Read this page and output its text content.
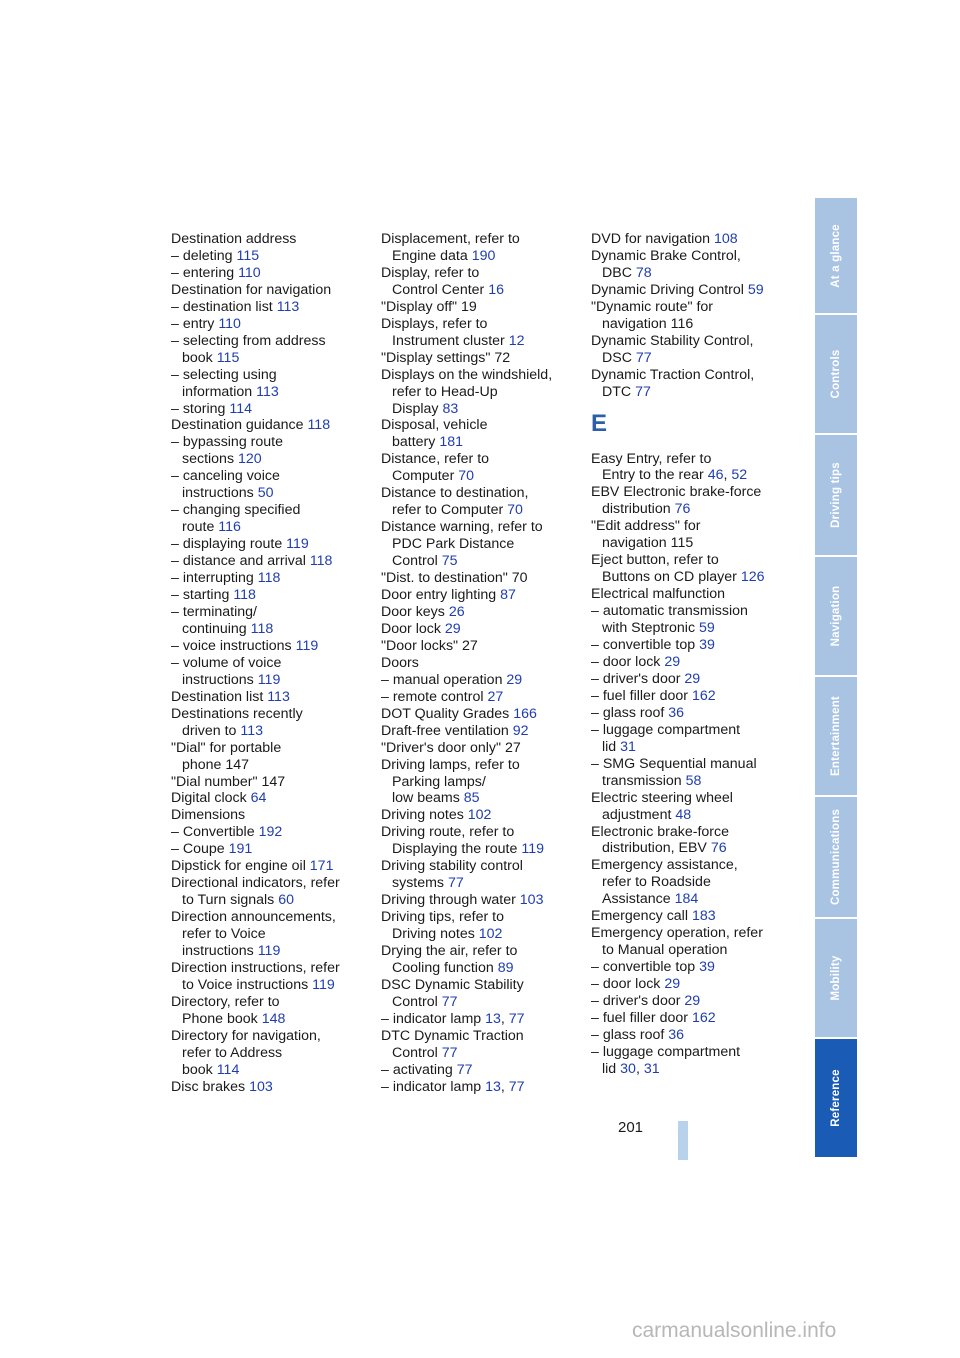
Destination address
– deleting 115
– entering 110
Destination for navigation
– destination list 113
– entry 110
– selecting from address
book 115
– selecting using
information 113
– storing 114
Destination guidance 118
– bypassing route
sections 120
– canceling voice
instructions 50
– changing specified
route 116
– displaying route 119
– distance and arrival 118
– interrupting 118
– starting 118
– terminating/
continuing 118
– voice instructions 119
– volume of voice
instructions 119
Destination list 113
Destinations recently
driven to 113
"Dial" for portable
phone 147
"Dial number" 147
Digital clock 64
Dimensions
– Convertible 192
– Coupe 191
Dipstick for engine oil 171
Directional indicators, refer
to Turn signals 60
Direction announcements,
refer to Voice
instructions 119
Direction instructions, refer
to Voice instructions 119
Directory, refer to
Phone book 148
Directory for navigation,
refer to Address
book 114
Disc brakes 103
Displacement, refer to
Engine data 190
Display, refer to
Control Center 16
"Display off" 19
Displays, refer to
Instrument cluster 12
"Display settings" 72
Displays on the windshield,
refer to Head-Up
Display 83
Disposal, vehicle
battery 181
Distance, refer to
Computer 70
Distance to destination,
refer to Computer 70
Distance warning, refer to
PDC Park Distance
Control 75
"Dist. to destination" 70
Door entry lighting 87
Door keys 26
Door lock 29
"Door locks" 27
Doors
– manual operation 29
– remote control 27
DOT Quality Grades 166
Draft-free ventilation 92
"Driver's door only" 27
Driving lamps, refer to
Parking lamps/
low beams 85
Driving notes 102
Driving route, refer to
Displaying the route 119
Driving stability control
systems 77
Driving through water 103
Driving tips, refer to
Driving notes 102
Drying the air, refer to
Cooling function 89
DSC Dynamic Stability
Control 77
– indicator lamp 13, 77
DTC Dynamic Traction
Control 77
– activating 77
– indicator lamp 13, 77
DVD for navigation 108
Dynamic Brake Control,
DBC 78
Dynamic Driving Control 59
"Dynamic route" for
navigation 116
Dynamic Stability Control,
DSC 77
Dynamic Traction Control,
DTC 77
E
Easy Entry, refer to
Entry to the rear 46, 52
EBV Electronic brake-force
distribution 76
"Edit address" for
navigation 115
Eject button, refer to
Buttons on CD player 126
Electrical malfunction
– automatic transmission
with Steptronic 59
– convertible top 39
– door lock 29
– driver's door 29
– fuel filler door 162
– glass roof 36
– luggage compartment
lid 31
– SMG Sequential manual
transmission 58
Electric steering wheel
adjustment 48
Electronic brake-force
distribution, EBV 76
Emergency assistance,
refer to Roadside
Assistance 184
Emergency call 183
Emergency operation, refer
to Manual operation
– convertible top 39
– door lock 29
– driver's door 29
– fuel filler door 162
– glass roof 36
– luggage compartment
lid 30, 31
201
At a glance
Controls
Driving tips
Navigation
Entertainment
Communications
Mobility
Reference
carmanualsonline.info
